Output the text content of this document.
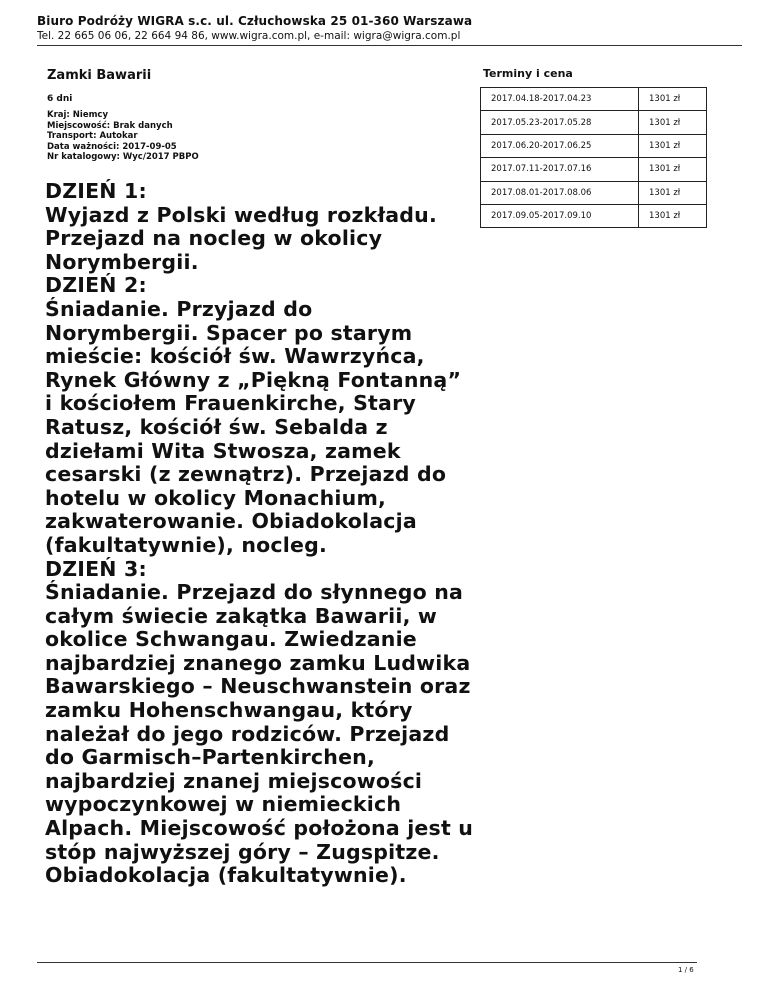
Biuro Podróży WIGRA s.c. ul. Człuchowska 25 01-360 Warszawa
Tel. 22 665 06 06, 22 664 94 86, www.wigra.com.pl, e-mail: wigra@wigra.com.pl
Zamki Bawarii
6 dni
Kraj: Niemcy
Miejscowość: Brak danych
Transport: Autokar
Data ważności: 2017-09-05
Nr katalogowy: Wyc/2017 PBPO
DZIEŃ 1:
Wyjazd z Polski według rozkładu.
Przejazd na nocleg w okolicy
Norymbergii.
DZIEŃ 2:
Śniadanie. Przyjazd do
Norymbergii. Spacer po starym
mieście: kościół św. Wawrzyńca,
Rynek Główny z „Piękną Fontanną”
i kościołem Frauenkirche, Stary
Ratusz, kościół św. Sebalda z
dziełami Wita Stwosza, zamek
cesarski (z zewnątrz). Przejazd do
hotelu w okolicy Monachium,
zakwaterowanie. Obiadokolacja
(fakultatywnie), nocleg.
DZIEŃ 3:
Śniadanie. Przejazd do słynnego na
całym świecie zakątka Bawarii, w
okolice Schwangau. Zwiedzanie
najbardziej znanego zamku Ludwika
Bawarskiego – Neuschwanstein oraz
zamku Hohenschwangau, który
należał do jego rodziców. Przejazd
do Garmisch–Partenkirchen,
najbardziej znanej miejscowości
wypoczynkowej w niemieckich
Alpach. Miejscowość położona jest u
stóp najwyższej góry – Zugspitze.
Obiadokolacja (fakultatywnie).
Terminy i cena
2017.04.18-2017.04.23	1301 zł
2017.05.23-2017.05.28	1301 zł
2017.06.20-2017.06.25	1301 zł
2017.07.11-2017.07.16	1301 zł
2017.08.01-2017.08.06	1301 zł
2017.09.05-2017.09.10	1301 zł
1 / 6
